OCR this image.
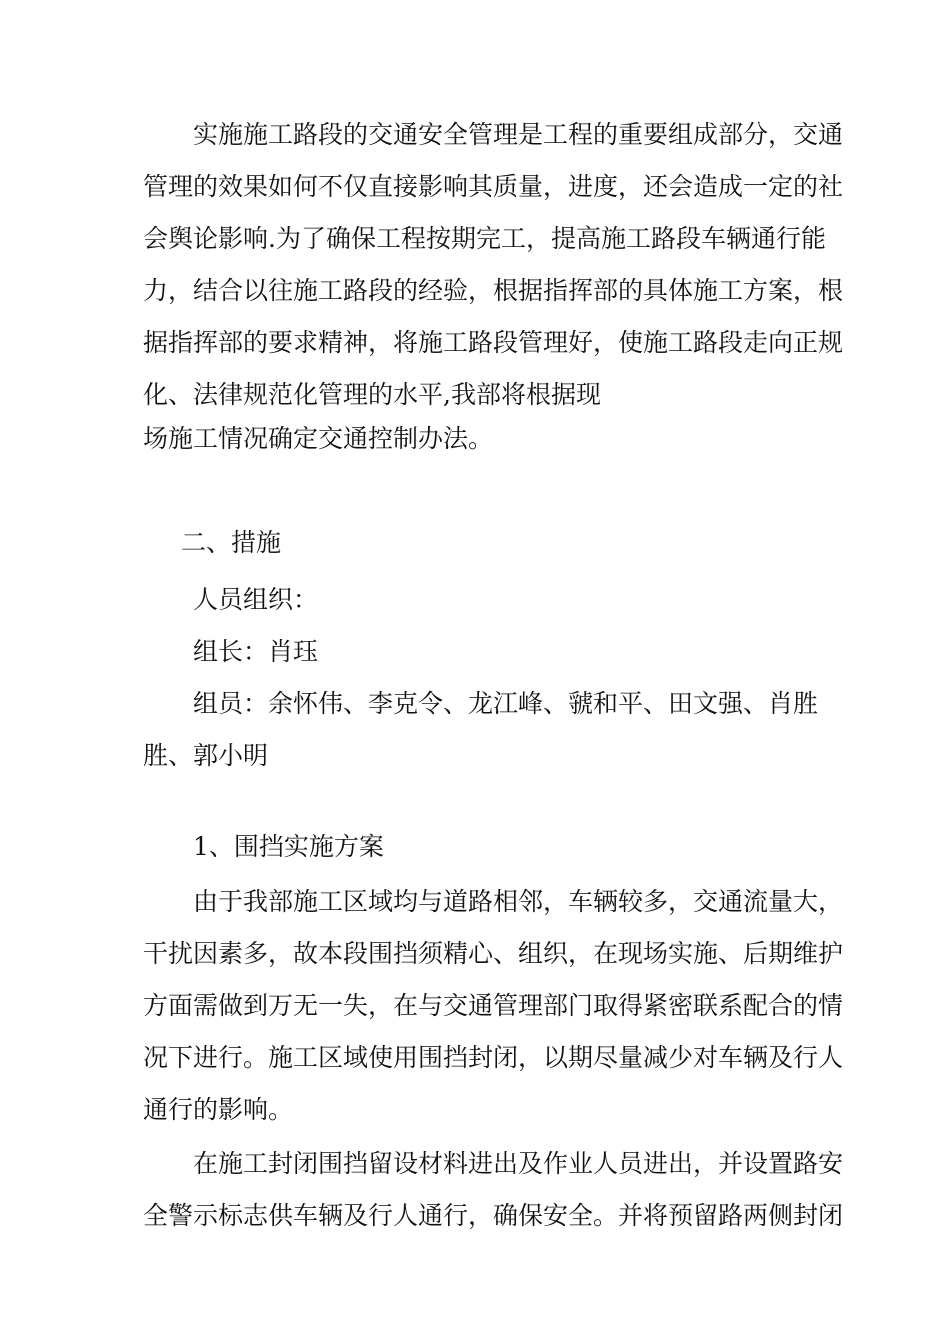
实施施工路段的交通安全管理是工程的重要组成部分，交通
管理的效果如何不仅直接影响其质量，进度，还会造成一定的社
会舆论影响.为了确保工程按期完工，提高施工路段车辆通行能
力，结合以往施工路段的经验，根据指挥部的具体施工方案，根
据指挥部的要求精神，将施工路段管理好，使施工路段走向正规
化、法律规范化管理的水平,我部将根据现
场施工情况确定交通控制办法。
二、措施
人员组织：
组长：肖珏
组员：余怀伟、李克令、龙江峰、虢和平、田文强、肖胜
胜、郭小明
1、围挡实施方案
由于我部施工区域均与道路相邻，车辆较多，交通流量大，
干扰因素多，故本段围挡须精心、组织，在现场实施、后期维护
方面需做到万无一失，在与交通管理部门取得紧密联系配合的情
况下进行。施工区域使用围挡封闭，以期尽量减少对车辆及行人
通行的影响。
在施工封闭围挡留设材料进出及作业人员进出，并设置路安
全警示标志供车辆及行人通行，确保安全。并将预留路两侧封闭
